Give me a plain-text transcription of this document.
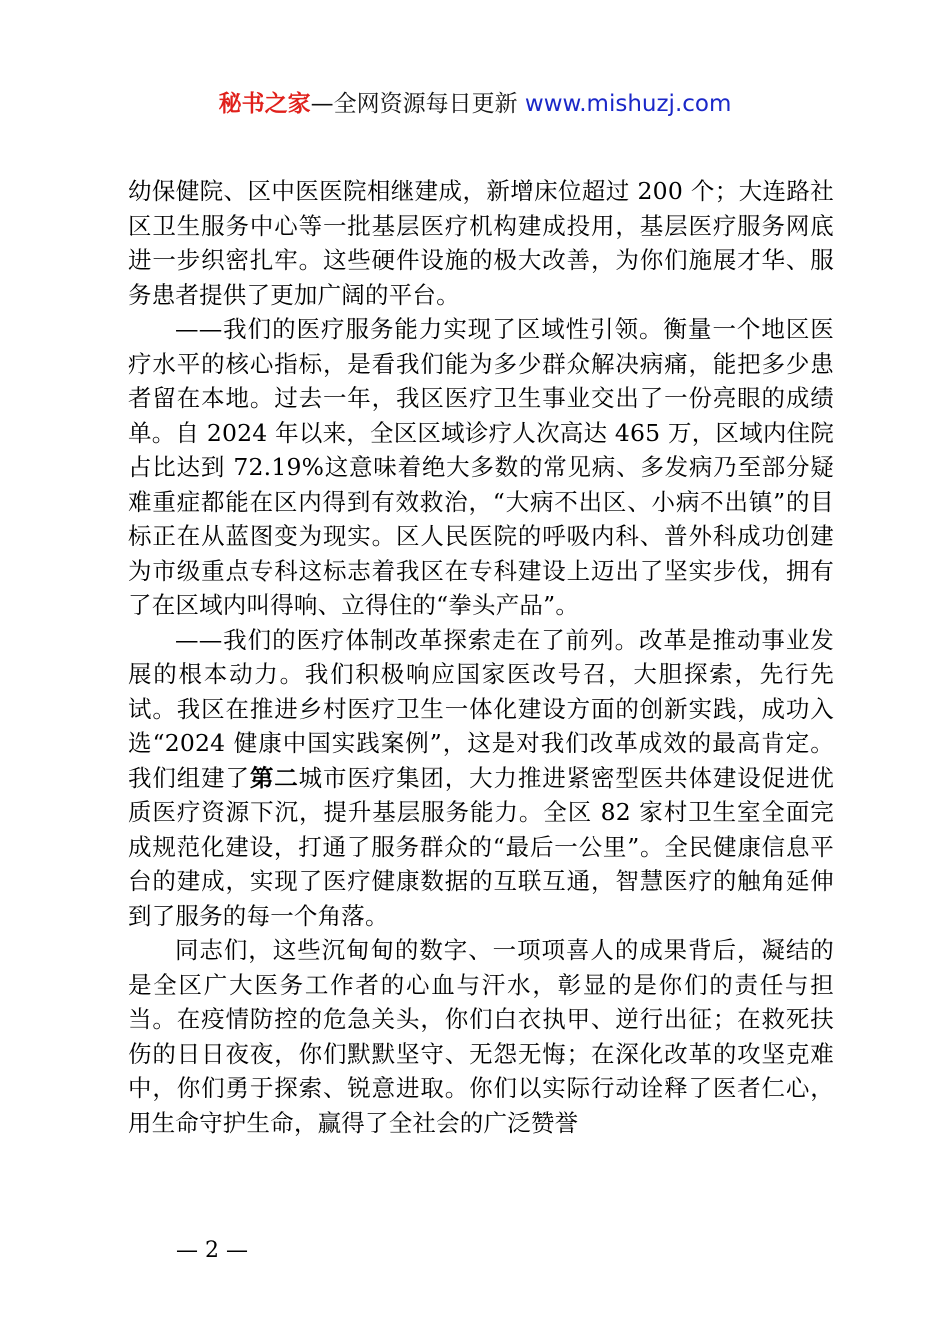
秘书之家—全网资源每日更新 www.mishuzj.com

幼保健院、区中医医院相继建成，新增床位超过 200 个；大连路社区卫生服务中心等一批基层医疗机构建成投用，基层医疗服务网底进一步织密扎牢。这些硬件设施的极大改善，为你们施展才华、服务患者提供了更加广阔的平台。

——我们的医疗服务能力实现了区域性引领。衡量一个地区医疗水平的核心指标，是看我们能为多少群众解决病痛，能把多少患者留在本地。过去一年，我区医疗卫生事业交出了一份亮眼的成绩单。自 2024 年以来，全区区域诊疗人次高达 465 万，区域内住院占比达到 72.19%这意味着绝大多数的常见病、多发病乃至部分疑难重症都能在区内得到有效救治，“大病不出区、小病不出镇”的目标正在从蓝图变为现实。区人民医院的呼吸内科、普外科成功创建为市级重点专科这标志着我区在专科建设上迈出了坚实步伐，拥有了在区域内叫得响、立得住的“拳头产品”。

——我们的医疗体制改革探索走在了前列。改革是推动事业发展的根本动力。我们积极响应国家医改号召，大胆探索，先行先试。我区在推进乡村医疗卫生一体化建设方面的创新实践，成功入选“2024 健康中国实践案例”，这是对我们改革成效的最高肯定。我们组建了第二城市医疗集团，大力推进紧密型医共体建设促进优质医疗资源下沉，提升基层服务能力。全区 82 家村卫生室全面完成规范化建设，打通了服务群众的“最后一公里”。全民健康信息平台的建成，实现了医疗健康数据的互联互通，智慧医疗的触角延伸到了服务的每一个角落。

同志们，这些沉甸甸的数字、一项项喜人的成果背后，凝结的是全区广大医务工作者的心血与汗水，彰显的是你们的责任与担当。在疫情防控的危急关头，你们白衣执甲、逆行出征；在救死扶伤的日日夜夜，你们默默坚守、无怨无悔；在深化改革的攻坚克难中，你们勇于探索、锐意进取。你们以实际行动诠释了医者仁心，用生命守护生命，赢得了全社会的广泛赞誉

— 2 —
